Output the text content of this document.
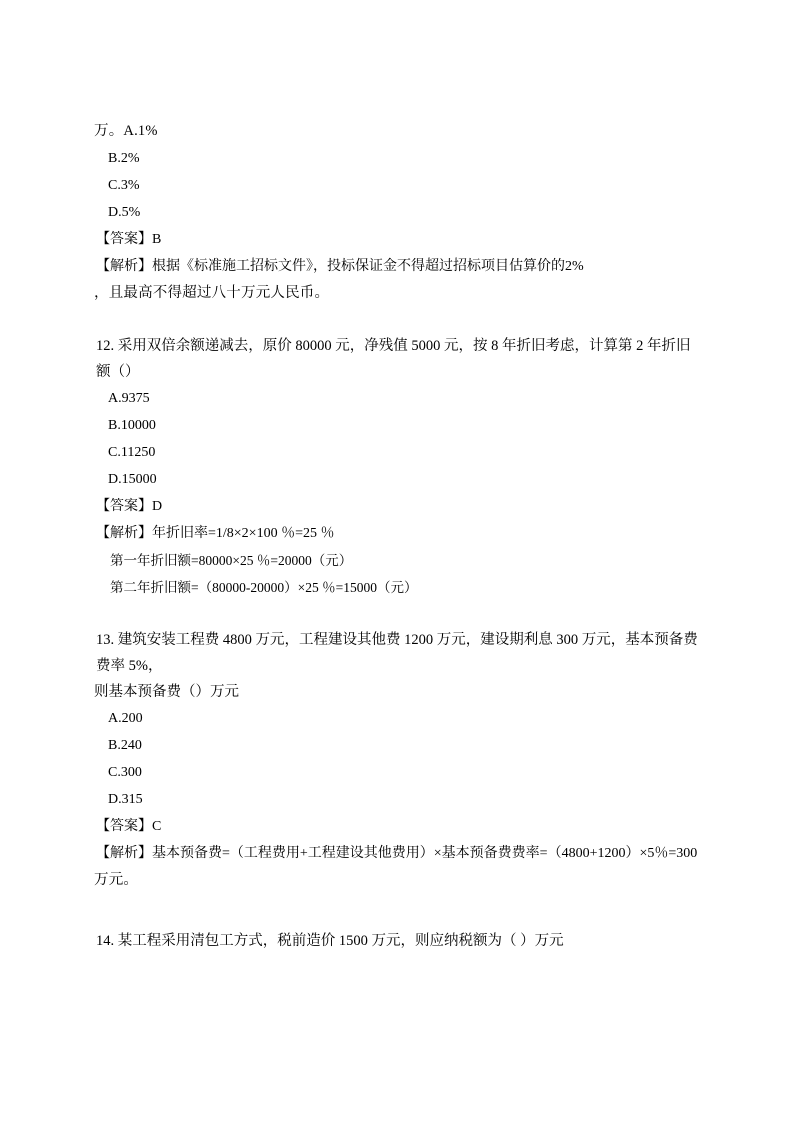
万。A.1%
B.2%
C.3%
D.5%
【答案】B
【解析】根据《标准施工招标文件》，投标保证金不得超过招标项目估算价的2%
，且最高不得超过八十万元人民币。
12. 采用双倍余额递减去，原价 80000 元，净残值 5000 元，按 8 年折旧考虑，计算第 2 年折旧额（）
A.9375
B.10000
C.11250
D.15000
【答案】D
【解析】年折旧率=1/8×2×100 ％=25 ％
第一年折旧额=80000×25 ％=20000（元）
第二年折旧额=（80000-20000）×25 ％=15000（元）
13. 建筑安装工程费 4800 万元，工程建设其他费 1200 万元，建设期利息 300 万元，基本预备费费率 5%，
则基本预备费（）万元
A.200
B.240
C.300
D.315
【答案】C
【解析】基本预备费=（工程费用+工程建设其他费用）×基本预备费费率=（4800+1200）×5％=300
万元。
14. 某工程采用清包工方式，税前造价 1500 万元，则应纳税额为（ ）万元
